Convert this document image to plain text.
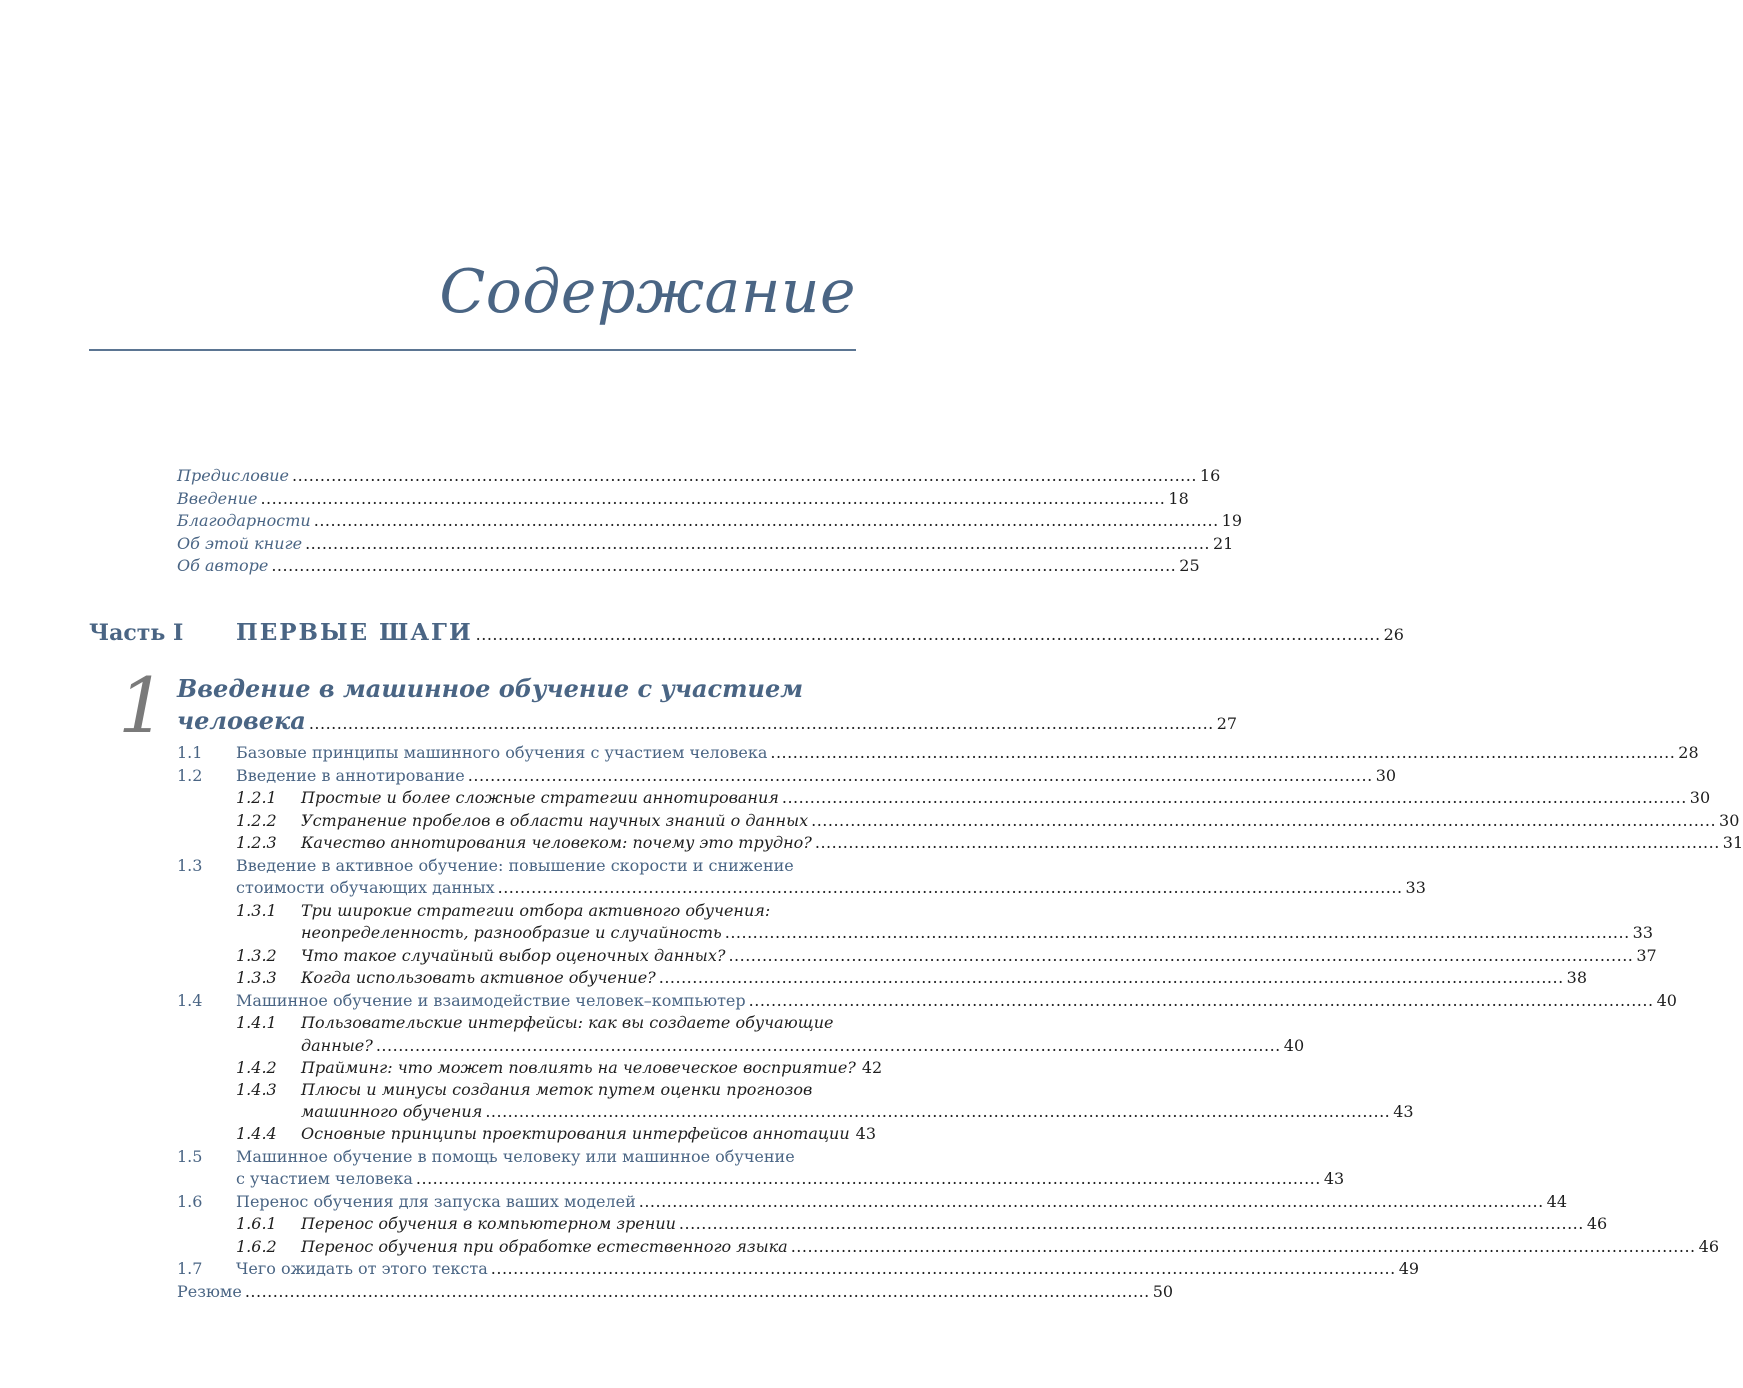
Содержание
Предисловие .................................................................................................................................................................. 16
Введение .................................................................................................................................................................. 18
Благодарности .................................................................................................................................................................. 19
Об этой книге .................................................................................................................................................................. 21
Об авторе .................................................................................................................................................................. 25
Часть I ПЕРВЫЕ ШАГИ .................................................................................................................................................................. 26
1 Введение в машинное обучение с участием
человека .................................................................................................................................................................. 27
1.1	Базовые принципы машинного обучения с участием человека .................................................................................................................................................................. 28
1.2	Введение в аннотирование .................................................................................................................................................................. 30
1.2.1	Простые и более сложные стратегии аннотирования .................................................................................................................................................................. 30
1.2.2	Устранение пробелов в области научных знаний о данных .................................................................................................................................................................. 30
1.2.3	Качество аннотирования человеком: почему это трудно? .................................................................................................................................................................. 31
1.3 Введение в активное обучение: повышение скорости и снижение
стоимости обучающих данных .................................................................................................................................................................. 33
1.3.1 Три широкие стратегии отбора активного обучения:
неопределенность, разнообразие и случайность .................................................................................................................................................................. 33
1.3.2	Что такое случайный выбор оценочных данных? .................................................................................................................................................................. 37
1.3.3	Когда использовать активное обучение? .................................................................................................................................................................. 38
1.4	Машинное обучение и взаимодействие человек–компьютер .................................................................................................................................................................. 40
1.4.1 Пользовательские интерфейсы: как вы создаете обучающие
данные? .................................................................................................................................................................. 40
1.4.2	Прайминг: что может повлиять на человеческое восприятие? 42
1.4.3 Плюсы и минусы создания меток путем оценки прогнозов
машинного обучения .................................................................................................................................................................. 43
1.4.4	Основные принципы проектирования интерфейсов аннотации 43
1.5 Машинное обучение в помощь человеку или машинное обучение
с участием человека .................................................................................................................................................................. 43
1.6	Перенос обучения для запуска ваших моделей .................................................................................................................................................................. 44
1.6.1	Перенос обучения в компьютерном зрении .................................................................................................................................................................. 46
1.6.2	Перенос обучения при обработке естественного языка .................................................................................................................................................................. 46
1.7	Чего ожидать от этого текста .................................................................................................................................................................. 49
Резюме .................................................................................................................................................................. 50
